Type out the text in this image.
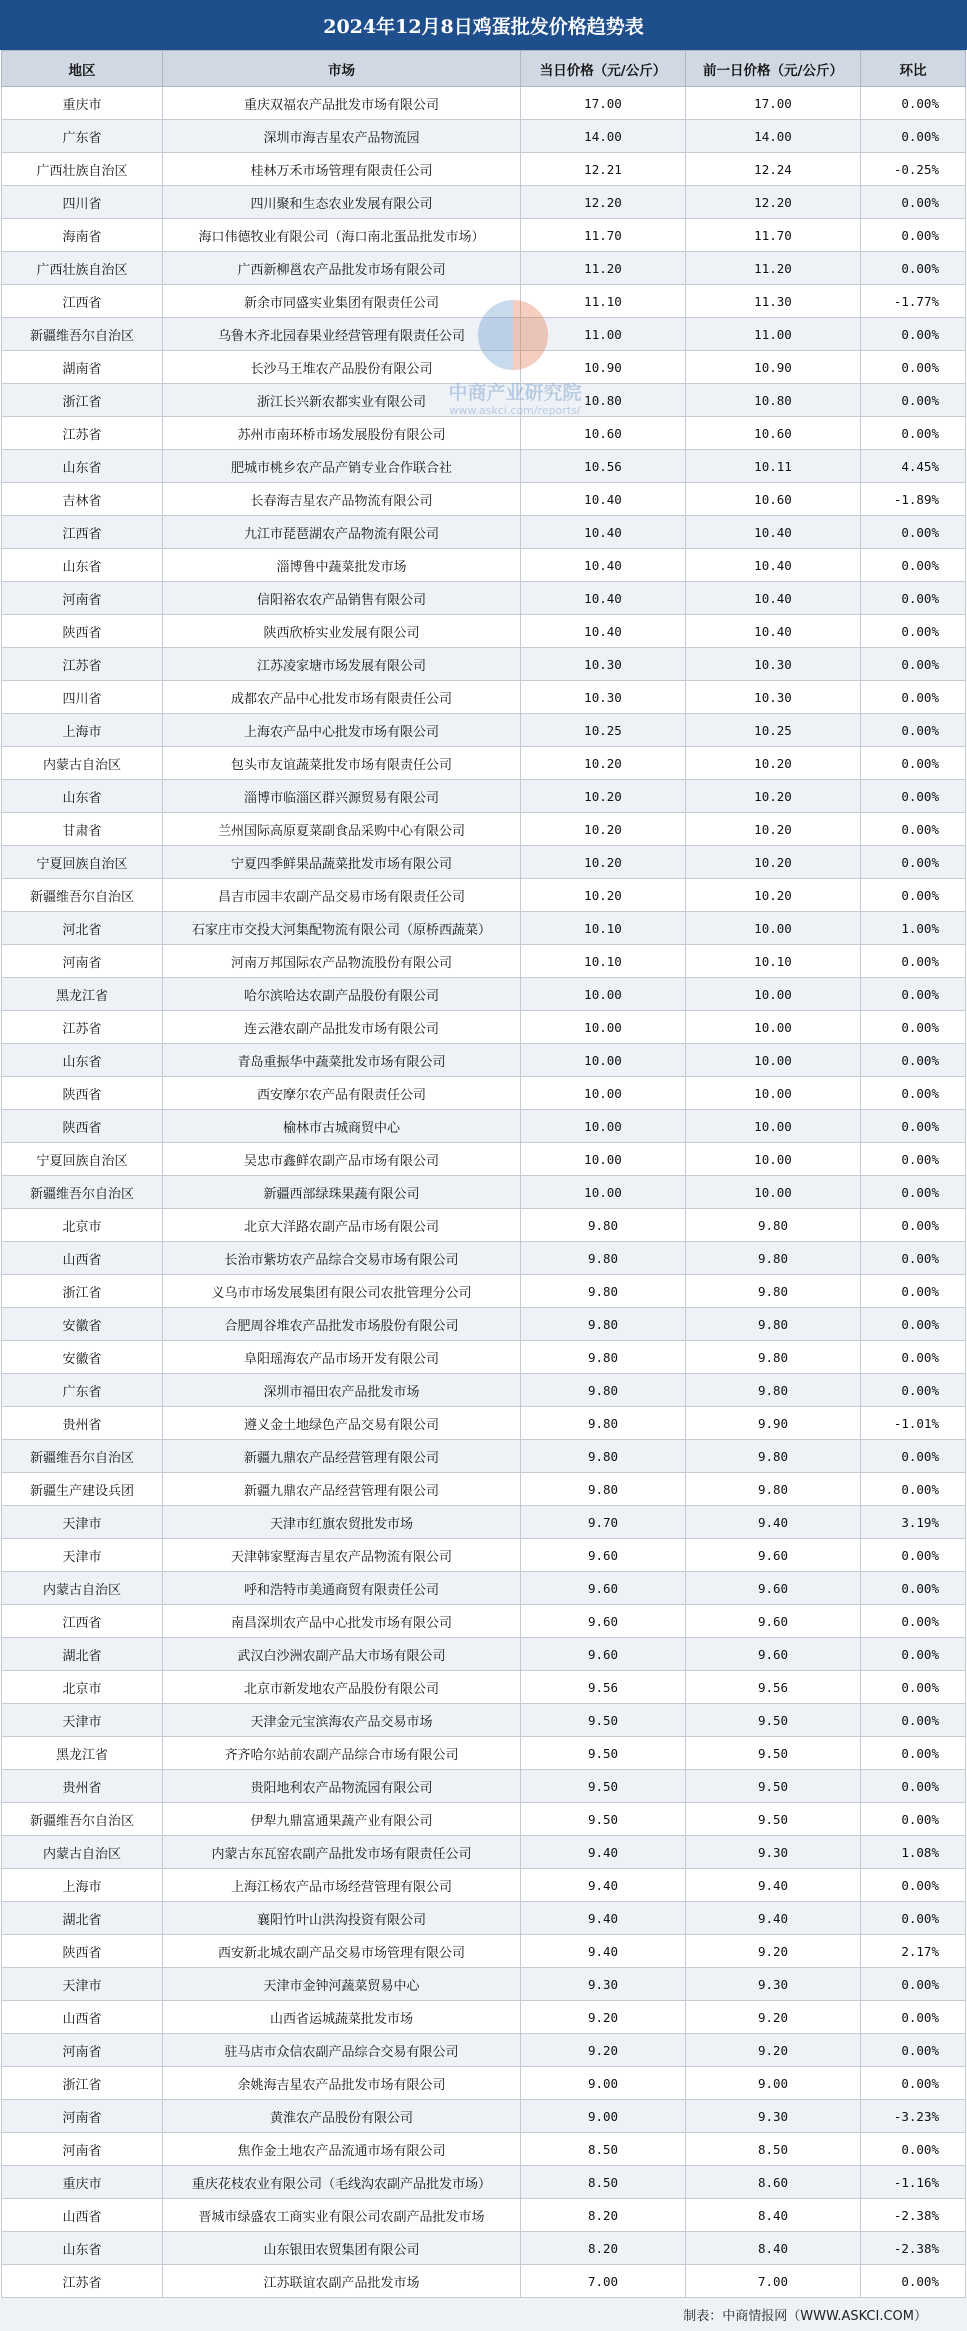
2024年12月8日鸡蛋批发价格趋势表
地区	市场	当日价格（元/公斤）	前一日价格（元/公斤）	环比
重庆市	重庆双福农产品批发市场有限公司	17.00	17.00	0.00%
广东省	深圳市海吉星农产品物流园	14.00	14.00	0.00%
广西壮族自治区	桂林万禾市场管理有限责任公司	12.21	12.24	-0.25%
四川省	四川聚和生态农业发展有限公司	12.20	12.20	0.00%
海南省	海口伟德牧业有限公司（海口南北蛋品批发市场）	11.70	11.70	0.00%
广西壮族自治区	广西新柳邕农产品批发市场有限公司	11.20	11.20	0.00%
江西省	新余市同盛实业集团有限责任公司	11.10	11.30	-1.77%
新疆维吾尔自治区	乌鲁木齐北园春果业经营管理有限责任公司	11.00	11.00	0.00%
湖南省	长沙马王堆农产品股份有限公司	10.90	10.90	0.00%
浙江省	浙江长兴新农都实业有限公司	10.80	10.80	0.00%
江苏省	苏州市南环桥市场发展股份有限公司	10.60	10.60	0.00%
山东省	肥城市桃乡农产品产销专业合作联合社	10.56	10.11	4.45%
吉林省	长春海吉星农产品物流有限公司	10.40	10.60	-1.89%
江西省	九江市琵琶湖农产品物流有限公司	10.40	10.40	0.00%
山东省	淄博鲁中蔬菜批发市场	10.40	10.40	0.00%
河南省	信阳裕农农产品销售有限公司	10.40	10.40	0.00%
陕西省	陕西欣桥实业发展有限公司	10.40	10.40	0.00%
江苏省	江苏凌家塘市场发展有限公司	10.30	10.30	0.00%
四川省	成都农产品中心批发市场有限责任公司	10.30	10.30	0.00%
上海市	上海农产品中心批发市场有限公司	10.25	10.25	0.00%
内蒙古自治区	包头市友谊蔬菜批发市场有限责任公司	10.20	10.20	0.00%
山东省	淄博市临淄区群兴源贸易有限公司	10.20	10.20	0.00%
甘肃省	兰州国际高原夏菜副食品采购中心有限公司	10.20	10.20	0.00%
宁夏回族自治区	宁夏四季鲜果品蔬菜批发市场有限公司	10.20	10.20	0.00%
新疆维吾尔自治区	昌吉市园丰农副产品交易市场有限责任公司	10.20	10.20	0.00%
河北省	石家庄市交投大河集配物流有限公司（原桥西蔬菜）	10.10	10.00	1.00%
河南省	河南万邦国际农产品物流股份有限公司	10.10	10.10	0.00%
黑龙江省	哈尔滨哈达农副产品股份有限公司	10.00	10.00	0.00%
江苏省	连云港农副产品批发市场有限公司	10.00	10.00	0.00%
山东省	青岛重振华中蔬菜批发市场有限公司	10.00	10.00	0.00%
陕西省	西安摩尔农产品有限责任公司	10.00	10.00	0.00%
陕西省	榆林市古城商贸中心	10.00	10.00	0.00%
宁夏回族自治区	吴忠市鑫鲜农副产品市场有限公司	10.00	10.00	0.00%
新疆维吾尔自治区	新疆西部绿珠果蔬有限公司	10.00	10.00	0.00%
北京市	北京大洋路农副产品市场有限公司	9.80	9.80	0.00%
山西省	长治市紫坊农产品综合交易市场有限公司	9.80	9.80	0.00%
浙江省	义乌市市场发展集团有限公司农批管理分公司	9.80	9.80	0.00%
安徽省	合肥周谷堆农产品批发市场股份有限公司	9.80	9.80	0.00%
安徽省	阜阳瑶海农产品市场开发有限公司	9.80	9.80	0.00%
广东省	深圳市福田农产品批发市场	9.80	9.80	0.00%
贵州省	遵义金土地绿色产品交易有限公司	9.80	9.90	-1.01%
新疆维吾尔自治区	新疆九鼎农产品经营管理有限公司	9.80	9.80	0.00%
新疆生产建设兵团	新疆九鼎农产品经营管理有限公司	9.80	9.80	0.00%
天津市	天津市红旗农贸批发市场	9.70	9.40	3.19%
天津市	天津韩家墅海吉星农产品物流有限公司	9.60	9.60	0.00%
内蒙古自治区	呼和浩特市美通商贸有限责任公司	9.60	9.60	0.00%
江西省	南昌深圳农产品中心批发市场有限公司	9.60	9.60	0.00%
湖北省	武汉白沙洲农副产品大市场有限公司	9.60	9.60	0.00%
北京市	北京市新发地农产品股份有限公司	9.56	9.56	0.00%
天津市	天津金元宝滨海农产品交易市场	9.50	9.50	0.00%
黑龙江省	齐齐哈尔站前农副产品综合市场有限公司	9.50	9.50	0.00%
贵州省	贵阳地利农产品物流园有限公司	9.50	9.50	0.00%
新疆维吾尔自治区	伊犁九鼎富通果蔬产业有限公司	9.50	9.50	0.00%
内蒙古自治区	内蒙古东瓦窑农副产品批发市场有限责任公司	9.40	9.30	1.08%
上海市	上海江杨农产品市场经营管理有限公司	9.40	9.40	0.00%
湖北省	襄阳竹叶山洪沟投资有限公司	9.40	9.40	0.00%
陕西省	西安新北城农副产品交易市场管理有限公司	9.40	9.20	2.17%
天津市	天津市金钟河蔬菜贸易中心	9.30	9.30	0.00%
山西省	山西省运城蔬菜批发市场	9.20	9.20	0.00%
河南省	驻马店市众信农副产品综合交易有限公司	9.20	9.20	0.00%
浙江省	余姚海吉星农产品批发市场有限公司	9.00	9.00	0.00%
河南省	黄淮农产品股份有限公司	9.00	9.30	-3.23%
河南省	焦作金土地农产品流通市场有限公司	8.50	8.50	0.00%
重庆市	重庆花枝农业有限公司（毛线沟农副产品批发市场）	8.50	8.60	-1.16%
山西省	晋城市绿盛农工商实业有限公司农副产品批发市场	8.20	8.40	-2.38%
山东省	山东银田农贸集团有限公司	8.20	8.40	-2.38%
江苏省	江苏联谊农副产品批发市场	7.00	7.00	0.00%
中商产业研究院
www.askci.com/reports/
制表：中商情报网（WWW.ASKCI.COM）
